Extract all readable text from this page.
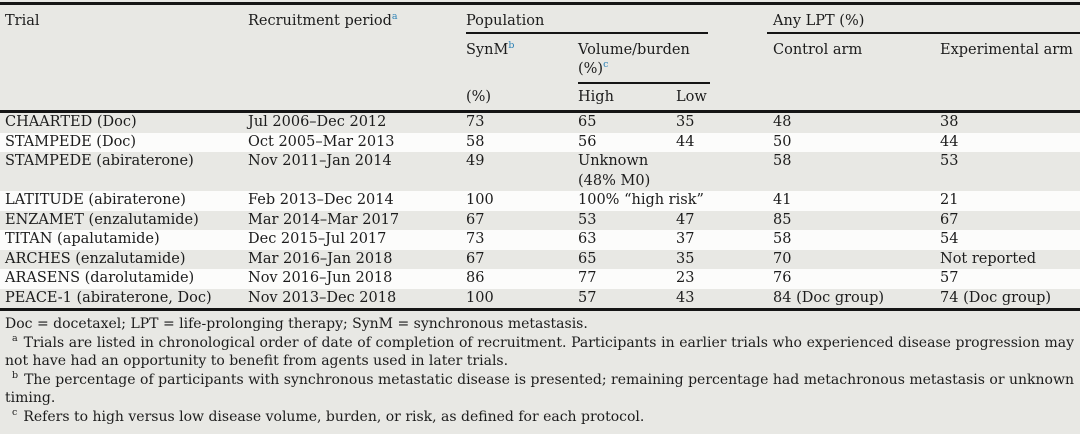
Trial	Recruitment period$^a$	Population			Any LPT (%)	
		SynM$^b$	Volume/burden (%)$^c$		Control arm	Experimental arm
		(%)	High	Low		
CHAARTED (Doc)	Jul 2006–Dec 2012	73	65	35	48	38
STAMPEDE (Doc)	Oct 2005–Mar 2013	58	56	44	50	44
STAMPEDE (abiraterone)	Nov 2011–Jan 2014	49	Unknown (48% M0)		58	53
LATITUDE (abiraterone)	Feb 2013–Dec 2014	100	100% “high risk”		41	21
ENZAMET (enzalutamide)	Mar 2014–Mar 2017	67	53	47	85	67
TITAN (apalutamide)	Dec 2015–Jul 2017	73	63	37	58	54
ARCHES (enzalutamide)	Mar 2016–Jan 2018	67	65	35	70	Not reported
ARASENS (darolutamide)	Nov 2016–Jun 2018	86	77	23	76	57
PEACE-1 (abiraterone, Doc)	Nov 2013–Dec 2018	100	57	43	84 (Doc group)	74 (Doc group)

Doc = docetaxel; LPT = life-prolonging therapy; SynM = synchronous metastasis.

$^a$ Trials are listed in chronological order of date of completion of recruitment. Participants in earlier trials who experienced disease progression may not have had an opportunity to benefit from agents used in later trials.

$^b$ The percentage of participants with synchronous metastatic disease is presented; remaining percentage had metachronous metastasis or unknown timing.

$^c$ Refers to high versus low disease volume, burden, or risk, as defined for each protocol.
